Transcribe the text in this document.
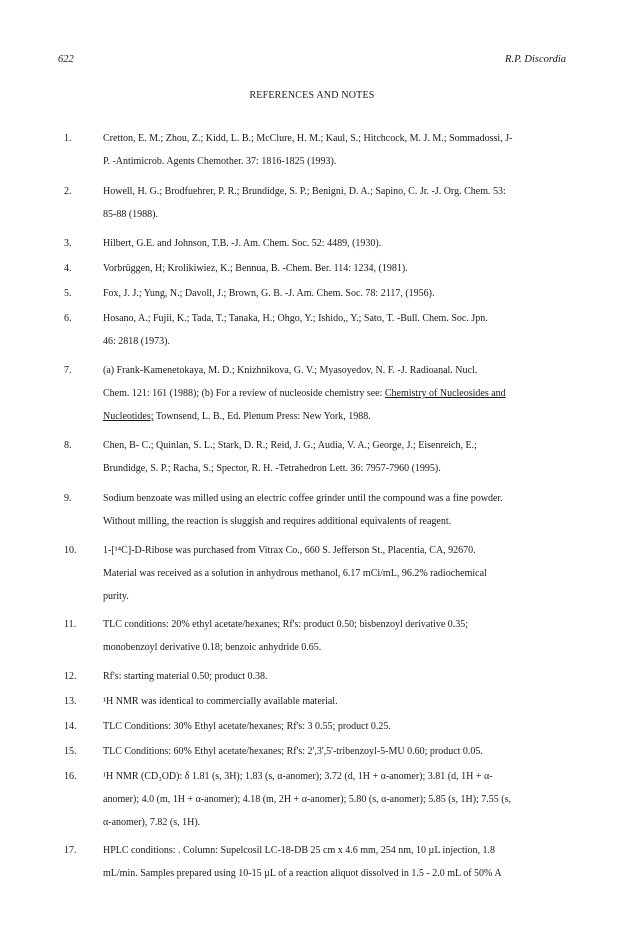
622	R.P. Discordia
REFERENCES AND NOTES
1.	Cretton, E. M.; Zhou, Z.; Kidd, L. B.; McClure, H. M.; Kaul, S.; Hitchcock, M. J. M.; Sommadossi, J-
P. -Antimicrob. Agents Chemother. 37: 1816-1825 (1993).
2.	Howell, H. G.; Brodfuehrer, P. R.; Brundidge, S. P.; Benigni, D. A.; Sapino, C. Jr. -J. Org. Chem. 53:
85-88 (1988).
3.	Hilbert, G.E. and Johnson, T.B. -J. Am. Chem. Soc. 52: 4489, (1930).
4.	Vorbrüggen, H; Krolikiwiez, K.; Bennua, B. -Chem. Ber. 114: 1234, (1981).
5.	Fox, J. J.; Yung, N.; Davoll, J.; Brown, G. B. -J. Am. Chem. Soc. 78: 2117, (1956).
6.	Hosano, A.; Fujii, K.; Tada, T.; Tanaka, H.; Ohgo, Y.; Ishido,, Y.; Sato, T. -Bull. Chem. Soc. Jpn.
46: 2818 (1973).
7.	(a) Frank-Kamenetokaya, M. D.; Knizhnikova, G. V.; Myasoyedov, N. F. -J. Radioanal. Nucl.
Chem. 121: 161 (1988); (b) For a review of nucleoside chemistry see: Chemistry of Nucleosides and
Nucleotides; Townsend, L. B., Ed. Plenum Press: New York, 1988.
8.	Chen, B- C.; Quinlan, S. L.; Stark, D. R.; Reid, J. G.; Audia, V. A.; George, J.; Eisenreich, E.;
Brundidge, S. P.; Racha, S.; Spector, R. H. -Tetrahedron Lett. 36: 7957-7960 (1995).
9.	Sodium benzoate was milled using an electric coffee grinder until the compound was a fine powder.
Without milling, the reaction is sluggish and requires additional equivalents of reagent.
10.	1-[¹⁴C]-D-Ribose was purchased from Vitrax Co., 660 S. Jefferson St., Placentia, CA, 92670.
Material was received as a solution in anhydrous methanol, 6.17 mCi/mL, 96.2% radiochemical
purity.
11.	TLC conditions: 20% ethyl acetate/hexanes; Rf's: product 0.50; bisbenzoyl derivative 0.35;
monobenzoyl derivative 0.18; benzoic anhydride 0.65.
12.	Rf's: starting material 0.50; product 0.38.
13.	¹H NMR was identical to commercially available material.
14.	TLC Conditions: 30% Ethyl acetate/hexanes; Rf's: 3 0.55; product 0.25.
15.	TLC Conditions: 60% Ethyl acetate/hexanes; Rf's: 2',3',5'-tribenzoyl-5-MU 0.60; product 0.05.
16.	¹H NMR (CD₃OD): δ 1.81 (s, 3H); 1.83 (s, α-anomer); 3.72 (d, 1H + α-anomer); 3.81 (d, 1H + α-
anomer); 4.0 (m, 1H + α-anomer); 4.18 (m, 2H + α-anomer); 5.80 (s, α-anomer); 5.85 (s, 1H); 7.55 (s,
α-anomer), 7.82 (s, 1H).
17.	HPLC conditions: . Column: Supelcosil LC-18-DB 25 cm x 4.6 mm, 254 nm, 10 µL injection, 1.8
mL/min. Samples prepared using 10-15 µL of a reaction aliquot dissolved in 1.5 - 2.0 mL of 50% A
